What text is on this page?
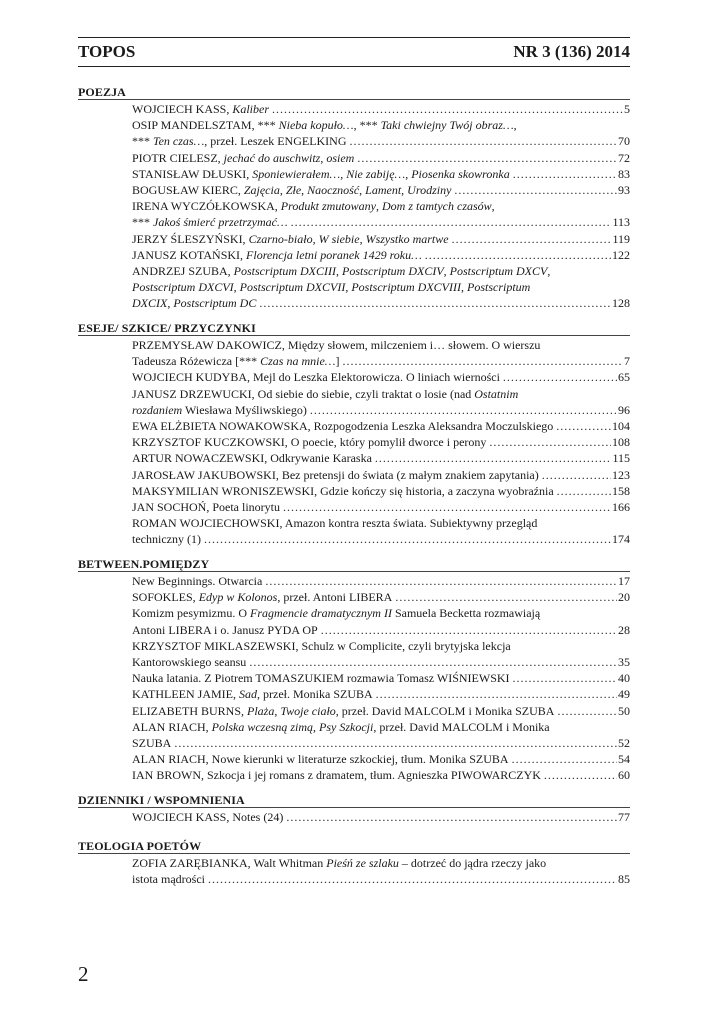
TOPOS	NR 3 (136) 2014
POEZJA
WOJCIECH KASS, Kaliber .....	5
OSIP MANDELSZTAM, *** Nieba kopuło…, *** Taki chwiejny Twój obraz…,
*** Ten czas…, przeł. Leszek ENGELKING .....	70
PIOTR CIELESZ, jechać do auschwitz, osiem .....	72
STANISŁAW DŁUSKI, Sponiewierałem…, Nie zabiję…, Piosenka skowronka .....	83
BOGUSŁAW KIERC, Zajęcia, Złe, Naoczność, Lament, Urodziny .....	93
IRENA WYCZÓŁKOWSKA, Produkt zmutowany, Dom z tamtych czasów,
*** Jakoś śmierć przetrzymać… .....	113
JERZY ŚLESZYŃSKI, Czarno-biało, W siebie, Wszystko martwe .....	119
JANUSZ KOTAŃSKI, Florencja letni poranek 1429 roku… .....	122
ANDRZEJ SZUBA, Postscriptum DXCIII, Postscriptum DXCIV, Postscriptum DXCV,
Postscriptum DXCVI, Postscriptum DXCVII, Postscriptum DXCVIII, Postscriptum
DXCIX, Postscriptum DC .....	128
ESEJE/ SZKICE/ PRZYCZYNKI
PRZEMYSŁAW DAKOWICZ, Między słowem, milczeniem i… słowem. O wierszu
Tadeusza Różewicza [*** Czas na mnie…] .....	7
WOJCIECH KUDYBA, Mejl do Leszka Elektorowicza. O liniach wierności .....	65
JANUSZ DRZEWUCKI, Od siebie do siebie, czyli traktat o losie (nad Ostatnim
rozdaniem Wiesława Myśliwskiego) .....	96
EWA ELŻBIETA NOWAKOWSKA, Rozpogodzenia Leszka Aleksandra Moczulskiego .....	104
KRZYSZTOF KUCZKOWSKI, O poecie, który pomylił dworce i perony .....	108
ARTUR NOWACZEWSKI, Odkrywanie Karaska .....	115
JAROSŁAW JAKUBOWSKI, Bez pretensji do świata (z małym znakiem zapytania) .....	123
MAKSYMILIAN WRONISZEWSKI, Gdzie kończy się historia, a zaczyna wyobraźnia .....	158
JAN SOCHOŃ, Poeta linorytu .....	166
ROMAN WOJCIECHOWSKI, Amazon kontra reszta świata. Subiektywny przegląd
techniczny (1) .....	174
BETWEEN.POMIĘDZY
New Beginnings. Otwarcia .....	17
SOFOKLES, Edyp w Kolonos, przeł. Antoni LIBERA .....	20
Komizm pesymizmu. O Fragmencie dramatycznym II Samuela Becketta rozmawiają
Antoni LIBERA i o. Janusz PYDA OP .....	28
KRZYSZTOF MIKLASZEWSKI, Schulz w Complicite, czyli brytyjska lekcja
Kantorowskiego seansu .....	35
Nauka latania. Z Piotrem TOMASZUKIEM rozmawia Tomasz WIŚNIEWSKI .....	40
KATHLEEN JAMIE, Sad, przeł. Monika SZUBA .....	49
ELIZABETH BURNS, Plaża, Twoje ciało, przeł. David MALCOLM i Monika SZUBA .....	50
ALAN RIACH, Polska wczesną zimą, Psy Szkocji, przeł. David MALCOLM i Monika
SZUBA .....	52
ALAN RIACH, Nowe kierunki w literaturze szkockiej, tłum. Monika SZUBA .....	54
IAN BROWN, Szkocja i jej romans z dramatem, tłum. Agnieszka PIWOWARCZYK .....	60
DZIENNIKI / WSPOMNIENIA
WOJCIECH KASS, Notes (24) .....	77
TEOLOGIA POETÓW
ZOFIA ZARĘBIANKA, Walt Whitman Pieśń ze szlaku – dotrzeć do jądra rzeczy jako
istota mądrości .....	85
2
